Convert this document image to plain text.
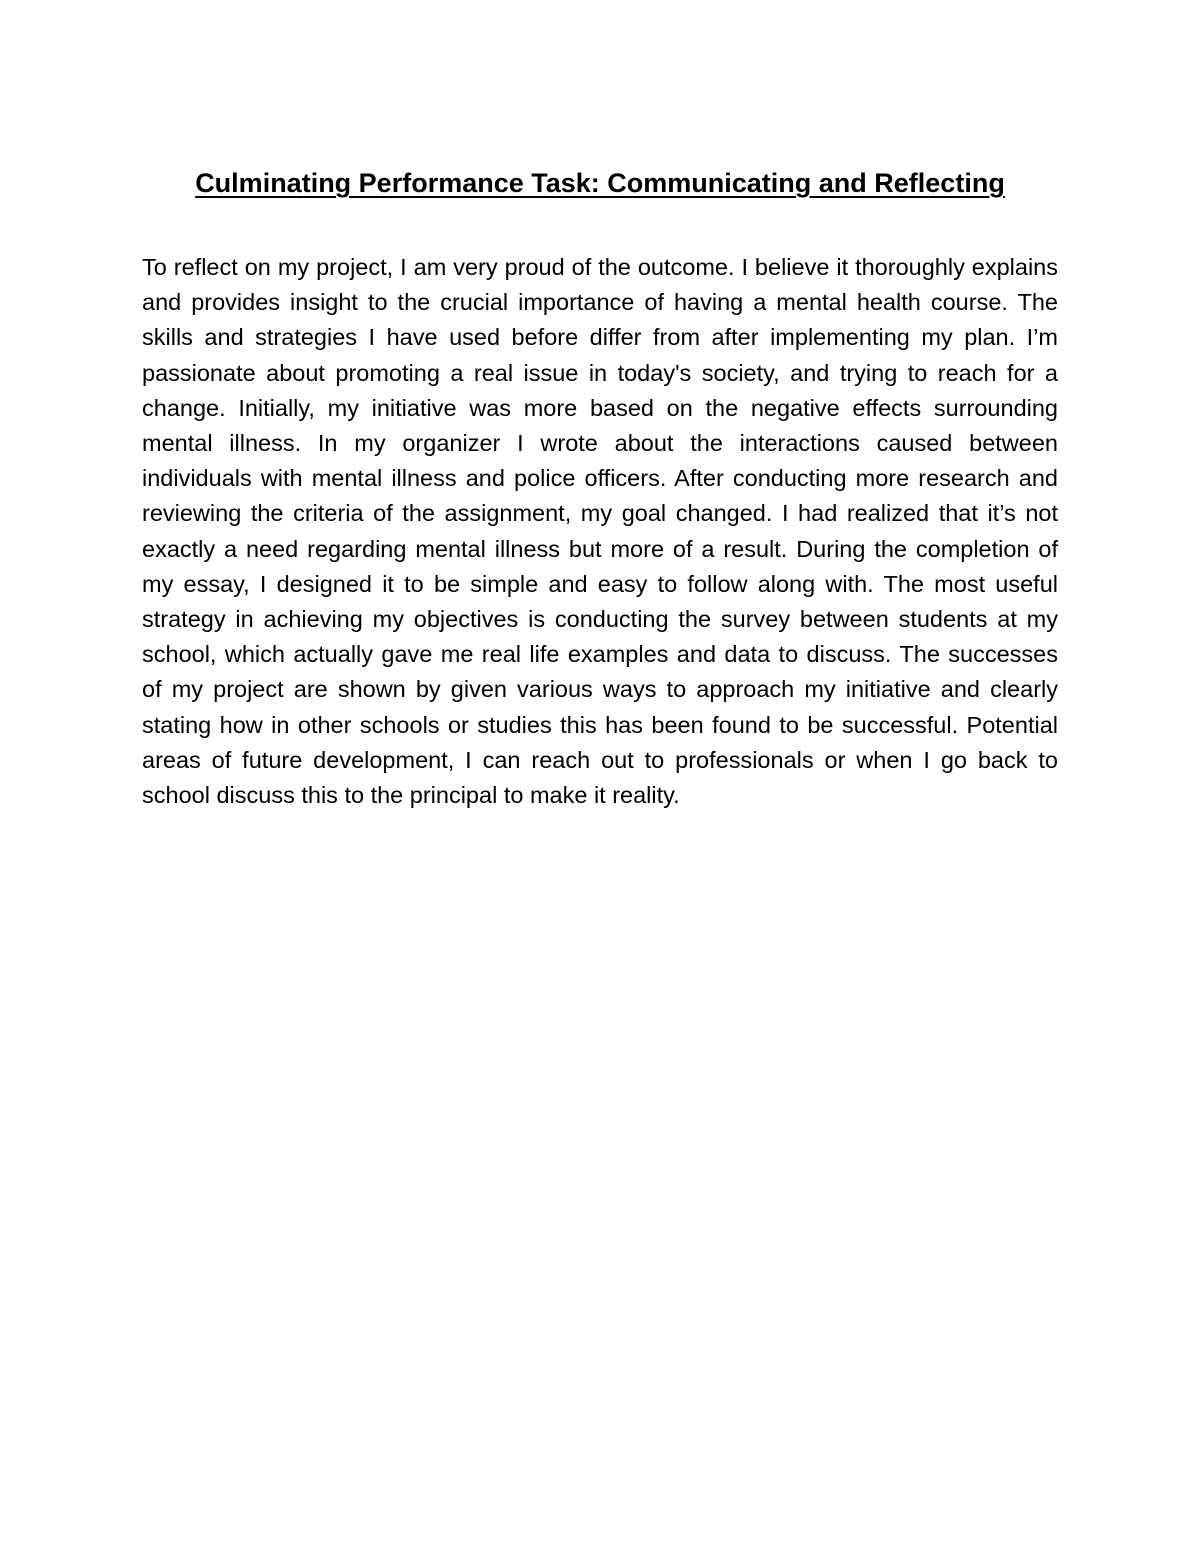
Culminating Performance Task: Communicating and Reflecting

To reflect on my project, I am very proud of the outcome. I believe it thoroughly explains and provides insight to the crucial importance of having a mental health course. The skills and strategies I have used before differ from after implementing my plan. I’m passionate about promoting a real issue in today's society, and trying to reach for a change. Initially, my initiative was more based on the negative effects surrounding mental illness. In my organizer I wrote about the interactions caused between individuals with mental illness and police officers. After conducting more research and reviewing the criteria of the assignment, my goal changed. I had realized that it’s not exactly a need regarding mental illness but more of a result. During the completion of my essay, I designed it to be simple and easy to follow along with. The most useful strategy in achieving my objectives is conducting the survey between students at my school, which actually gave me real life examples and data to discuss. The successes of my project are shown by given various ways to approach my initiative and clearly stating how in other schools or studies this has been found to be successful. Potential areas of future development, I can reach out to professionals or when I go back to school discuss this to the principal to make it reality.
